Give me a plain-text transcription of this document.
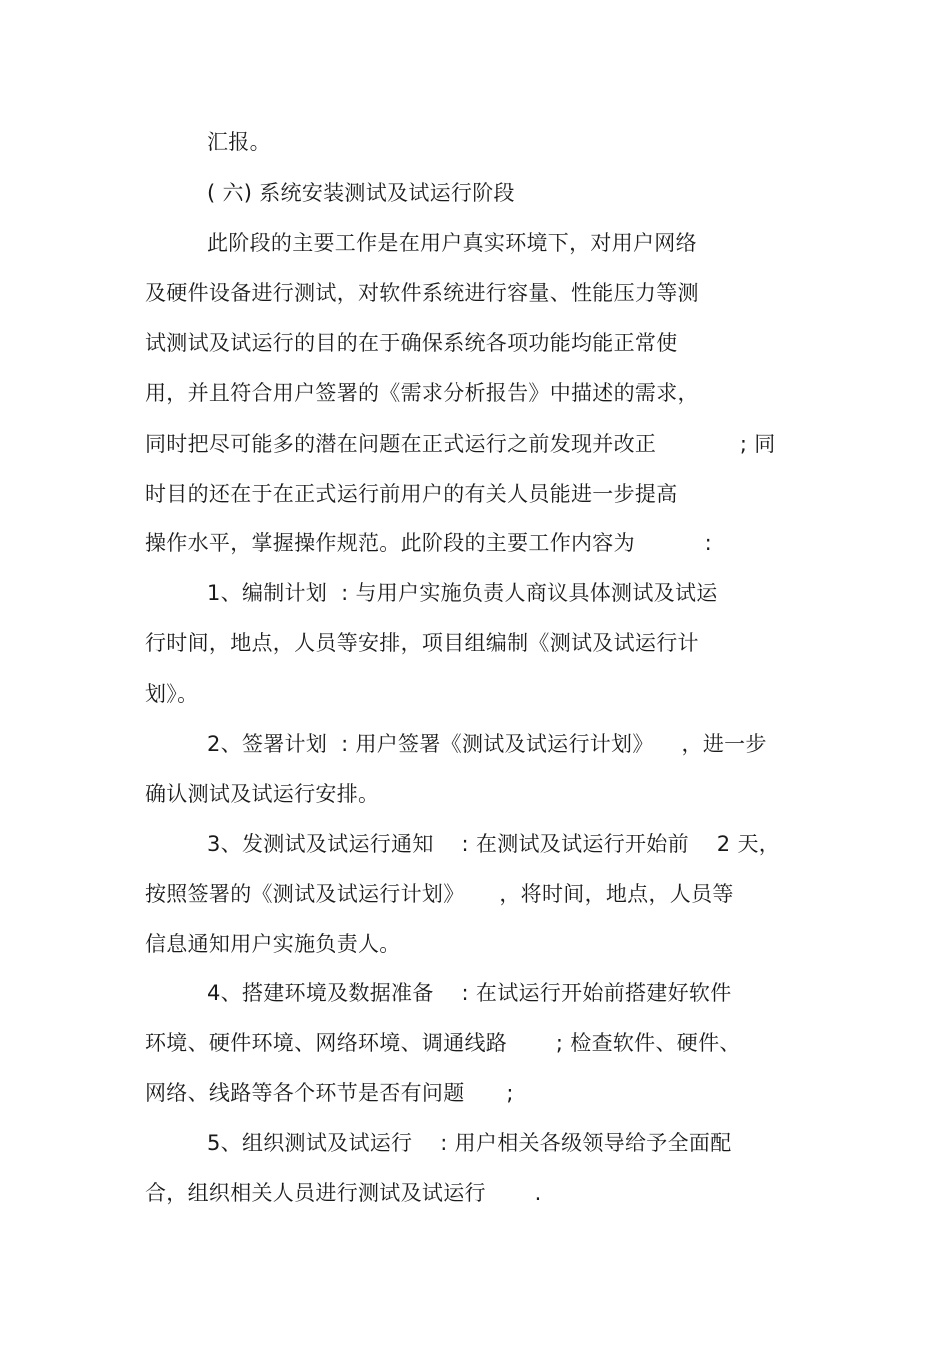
汇报。
( 六) 系统安装测试及试运行阶段
此阶段的主要工作是在用户真实环境下，对用户网络
及硬件设备进行测试，对软件系统进行容量、性能压力等测
试测试及试运行的目的在于确保系统各项功能均能正常使
用，并且符合用户签署的《需求分析报告》中描述的需求，
同时把尽可能多的潜在问题在正式运行之前发现并改正            ; 同
时目的还在于在正式运行前用户的有关人员能进一步提高
操作水平，掌握操作规范。此阶段的主要工作内容为          :
1、编制计划  : 与用户实施负责人商议具体测试及试运
行时间，地点，人员等安排，项目组编制《测试及试运行计
划》。
2、签署计划  : 用户签署《测试及试运行计划》    ，进一步
确认测试及试运行安排。
3、发测试及试运行通知    : 在测试及试运行开始前    2 天，
按照签署的《测试及试运行计划》     ，将时间，地点，人员等
信息通知用户实施负责人。
4、搭建环境及数据准备    : 在试运行开始前搭建好软件
环境、硬件环境、网络环境、调通线路       ; 检查软件、硬件、
网络、线路等各个环节是否有问题      ;
5、组织测试及试运行    : 用户相关各级领导给予全面配
合，组织相关人员进行测试及试运行       .
